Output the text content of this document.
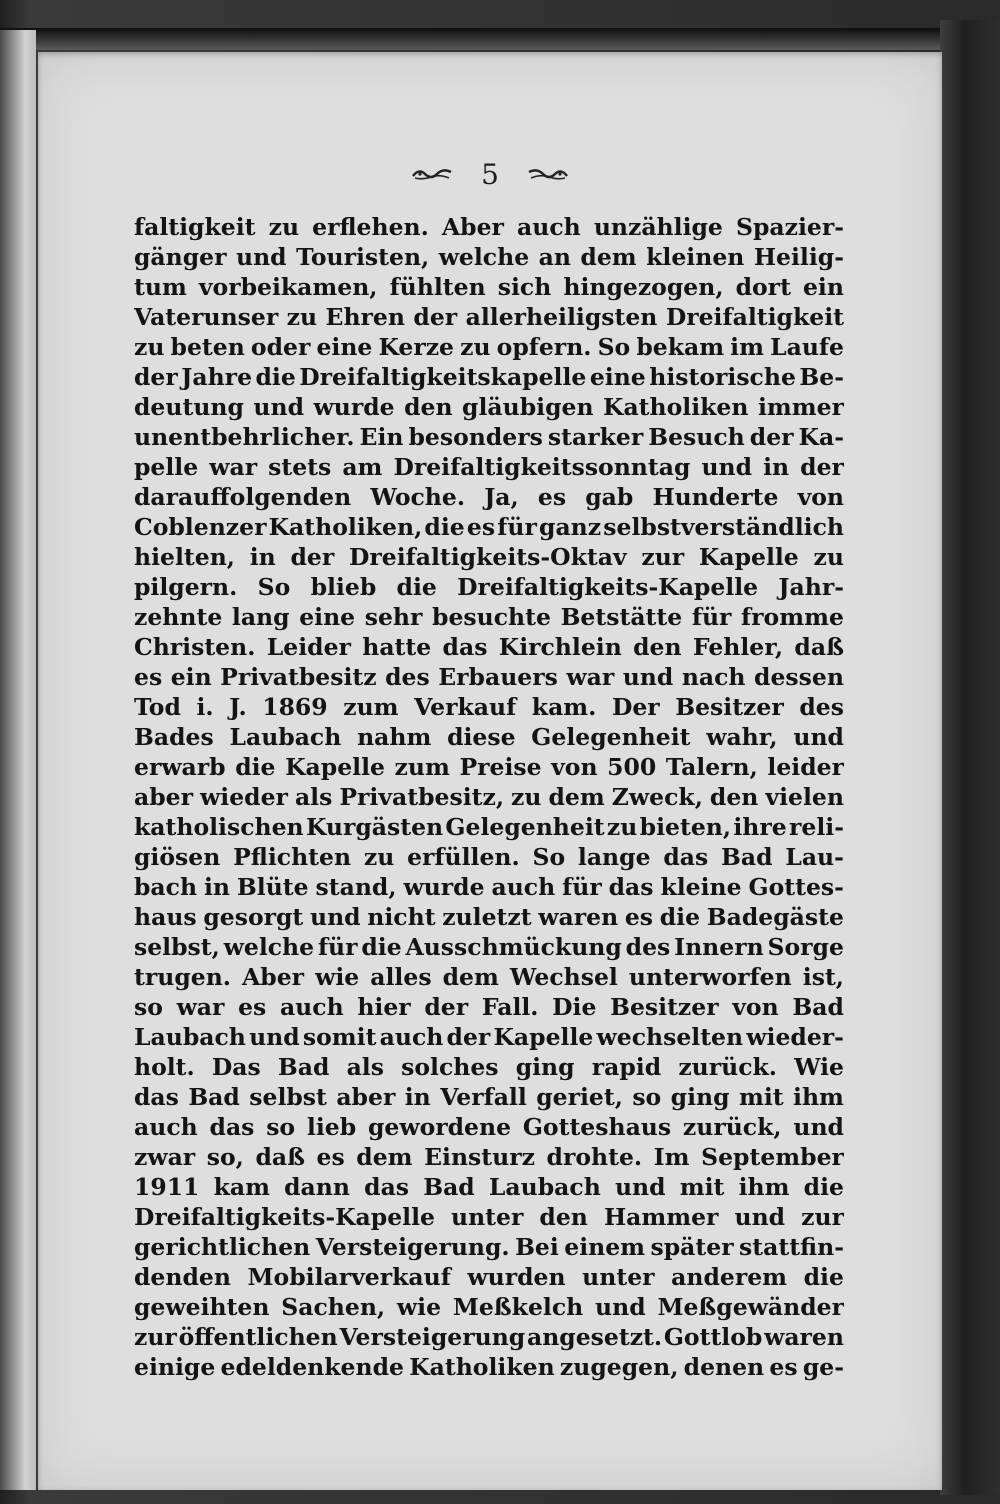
5
faltigkeit zu erflehen. Aber auch unzählige Spazier-
gänger und Touristen, welche an dem kleinen Heilig-
tum vorbeikamen, fühlten sich hingezogen, dort ein
Vaterunser zu Ehren der allerheiligsten Dreifaltigkeit
zu beten oder eine Kerze zu opfern. So bekam im Laufe
der Jahre die Dreifaltigkeitskapelle eine historische Be-
deutung und wurde den gläubigen Katholiken immer
unentbehrlicher. Ein besonders starker Besuch der Ka-
pelle war stets am Dreifaltigkeitssonntag und in der
darauffolgenden Woche. Ja, es gab Hunderte von
Coblenzer Katholiken, die es für ganz selbstverständlich
hielten, in der Dreifaltigkeits-Oktav zur Kapelle zu
pilgern. So blieb die Dreifaltigkeits-Kapelle Jahr-
zehnte lang eine sehr besuchte Betstätte für fromme
Christen. Leider hatte das Kirchlein den Fehler, daß
es ein Privatbesitz des Erbauers war und nach dessen
Tod i. J. 1869 zum Verkauf kam. Der Besitzer des
Bades Laubach nahm diese Gelegenheit wahr, und
erwarb die Kapelle zum Preise von 500 Talern, leider
aber wieder als Privatbesitz, zu dem Zweck, den vielen
katholischen Kurgästen Gelegenheit zu bieten, ihre reli-
giösen Pflichten zu erfüllen. So lange das Bad Lau-
bach in Blüte stand, wurde auch für das kleine Gottes-
haus gesorgt und nicht zuletzt waren es die Badegäste
selbst, welche für die Ausschmückung des Innern Sorge
trugen. Aber wie alles dem Wechsel unterworfen ist,
so war es auch hier der Fall. Die Besitzer von Bad
Laubach und somit auch der Kapelle wechselten wieder-
holt. Das Bad als solches ging rapid zurück. Wie
das Bad selbst aber in Verfall geriet, so ging mit ihm
auch das so lieb gewordene Gotteshaus zurück, und
zwar so, daß es dem Einsturz drohte. Im September
1911 kam dann das Bad Laubach und mit ihm die
Dreifaltigkeits-Kapelle unter den Hammer und zur
gerichtlichen Versteigerung. Bei einem später stattfin-
denden Mobilarverkauf wurden unter anderem die
geweihten Sachen, wie Meßkelch und Meßgewänder
zur öffentlichen Versteigerung angesetzt. Gottlob waren
einige edeldenkende Katholiken zugegen, denen es ge-
